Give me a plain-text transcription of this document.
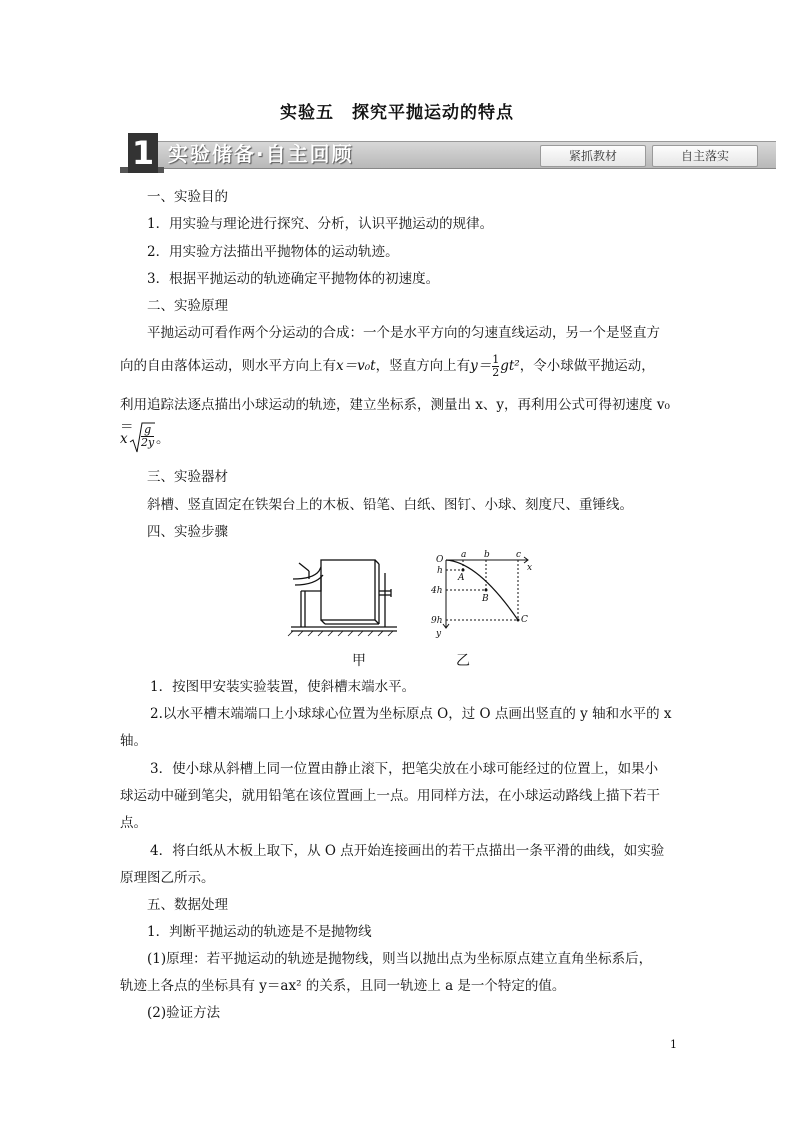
实验五　探究平抛运动的特点
1 实验储备·自主回顾	紧抓教材	自主落实
一、实验目的
1．用实验与理论进行探究、分析，认识平抛运动的规律。
2．用实验方法描出平抛物体的运动轨迹。
3．根据平抛运动的轨迹确定平抛物体的初速度。
二、实验原理
平抛运动可看作两个分运动的合成：一个是水平方向的匀速直线运动，另一个是竖直方
向的自由落体运动，则水平方向上有x＝v₀t，竖直方向上有$y= \frac{1}{2} gt^2$，令小球做平抛运动，
利用追踪法逐点描出小球运动的轨迹，建立坐标系，测量出 x、y，再利用公式可得初速度 v₀＝
x $\frac{g}{2y}$ 。
三、实验器材
斜槽、竖直固定在铁架台上的木板、铅笔、白纸、图钉、小球、刻度尺、重锤线。
四、实验步骤
O a b	c
x
y
h
4h
9h
A
B
C
甲	乙
1．按图甲安装实验装置，使斜槽末端水平。
2.以水平槽末端端口上小球球心位置为坐标原点 O，过 O 点画出竖直的 y 轴和水平的 x
轴。
3．使小球从斜槽上同一位置由静止滚下，把笔尖放在小球可能经过的位置上，如果小
球运动中碰到笔尖，就用铅笔在该位置画上一点。用同样方法，在小球运动路线上描下若干
点。
4．将白纸从木板上取下，从 O 点开始连接画出的若干点描出一条平滑的曲线，如实验
原理图乙所示。
五、数据处理
1．判断平抛运动的轨迹是不是抛物线
(1)原理：若平抛运动的轨迹是抛物线，则当以抛出点为坐标原点建立直角坐标系后，
轨迹上各点的坐标具有 y＝ax² 的关系，且同一轨迹上 a 是一个特定的值。
(2)验证方法
1
